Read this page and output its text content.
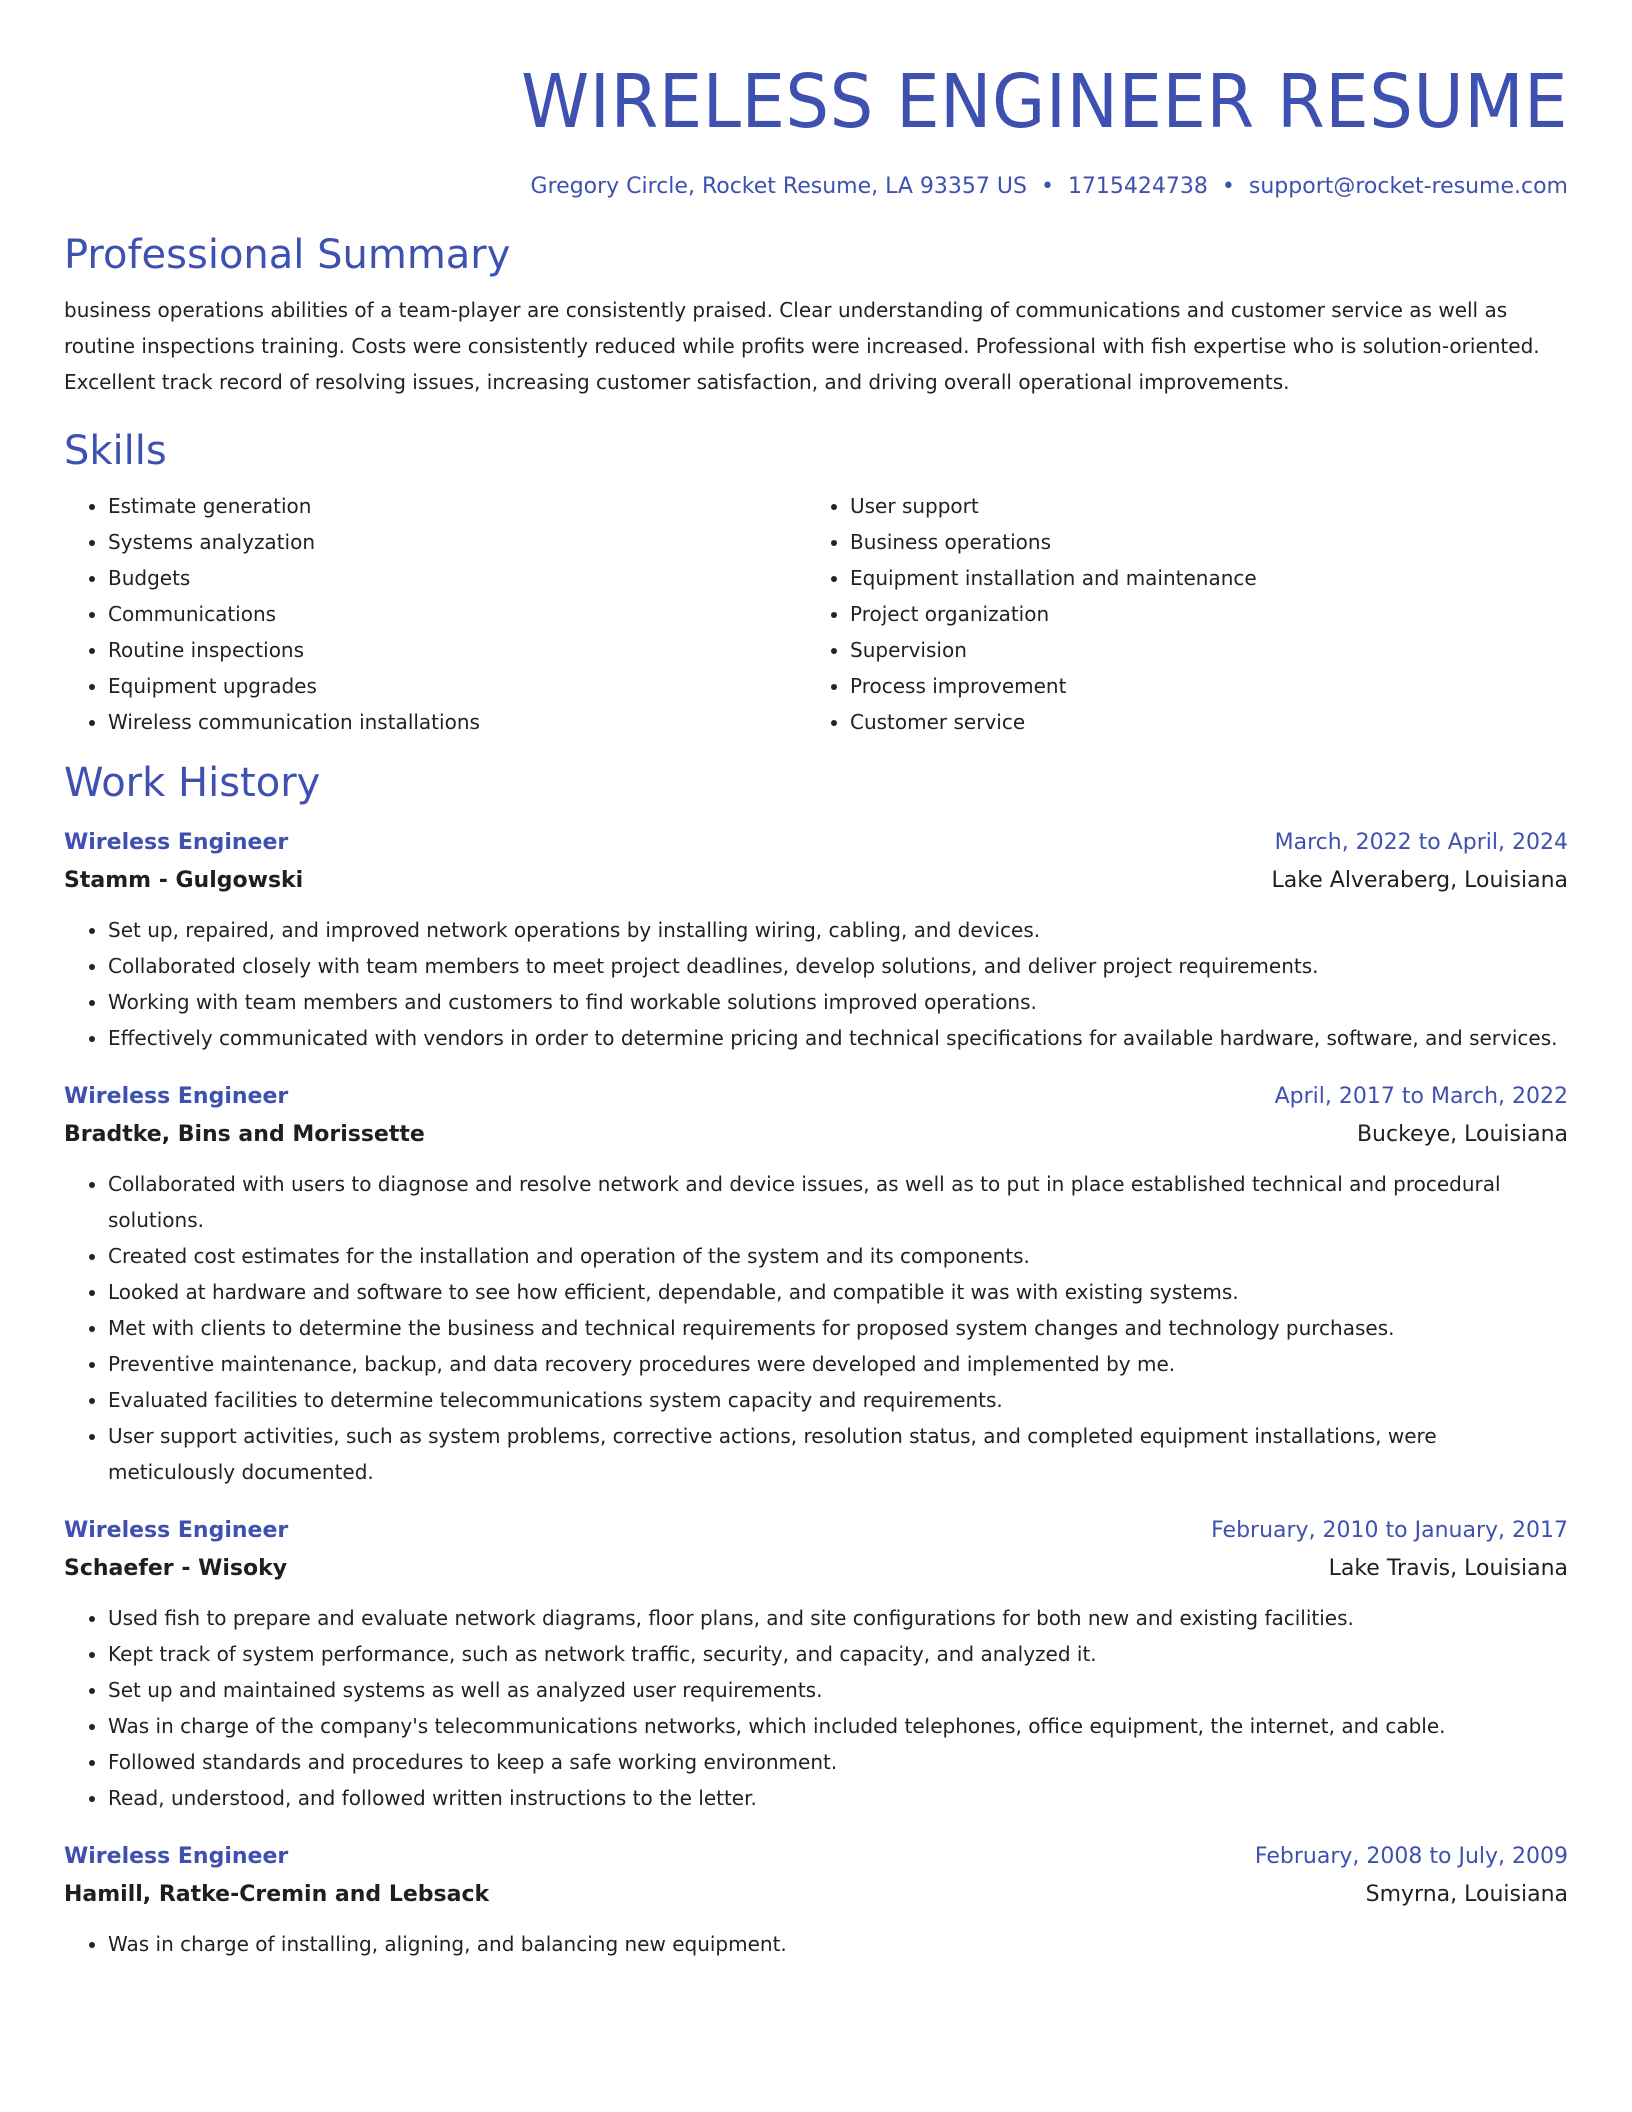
WIRELESS ENGINEER RESUME
Gregory Circle, Rocket Resume, LA 93357 US • 1715424738 • support@rocket-resume.com
Professional Summary

business operations abilities of a team-player are consistently praised. Clear understanding of communications and customer service as well as routine inspections training. Costs were consistently reduced while profits were increased. Professional with fish expertise who is solution-oriented. Excellent track record of resolving issues, increasing customer satisfaction, and driving overall operational improvements.

Skills
• Estimate generation
• Systems analyzation
• Budgets
• Communications
• Routine inspections
• Equipment upgrades
• Wireless communication installations
• User support
• Business operations
• Equipment installation and maintenance
• Project organization
• Supervision
• Process improvement
• Customer service
Work History
Wireless Engineer	March, 2022 to April, 2024
Stamm - Gulgowski	Lake Alveraberg, Louisiana
• Set up, repaired, and improved network operations by installing wiring, cabling, and devices.
• Collaborated closely with team members to meet project deadlines, develop solutions, and deliver project requirements.
• Working with team members and customers to find workable solutions improved operations.
• Effectively communicated with vendors in order to determine pricing and technical specifications for available hardware, software, and services.
Wireless Engineer	April, 2017 to March, 2022
Bradtke, Bins and Morissette	Buckeye, Louisiana
• Collaborated with users to diagnose and resolve network and device issues, as well as to put in place established technical and procedural solutions.
• Created cost estimates for the installation and operation of the system and its components.
• Looked at hardware and software to see how efficient, dependable, and compatible it was with existing systems.
• Met with clients to determine the business and technical requirements for proposed system changes and technology purchases.
• Preventive maintenance, backup, and data recovery procedures were developed and implemented by me.
• Evaluated facilities to determine telecommunications system capacity and requirements.
• User support activities, such as system problems, corrective actions, resolution status, and completed equipment installations, were meticulously documented.
Wireless Engineer	February, 2010 to January, 2017
Schaefer - Wisoky	Lake Travis, Louisiana
• Used fish to prepare and evaluate network diagrams, floor plans, and site configurations for both new and existing facilities.
• Kept track of system performance, such as network traffic, security, and capacity, and analyzed it.
• Set up and maintained systems as well as analyzed user requirements.
• Was in charge of the company's telecommunications networks, which included telephones, office equipment, the internet, and cable.
• Followed standards and procedures to keep a safe working environment.
• Read, understood, and followed written instructions to the letter.
Wireless Engineer	February, 2008 to July, 2009
Hamill, Ratke-Cremin and Lebsack	Smyrna, Louisiana
• Was in charge of installing, aligning, and balancing new equipment.
